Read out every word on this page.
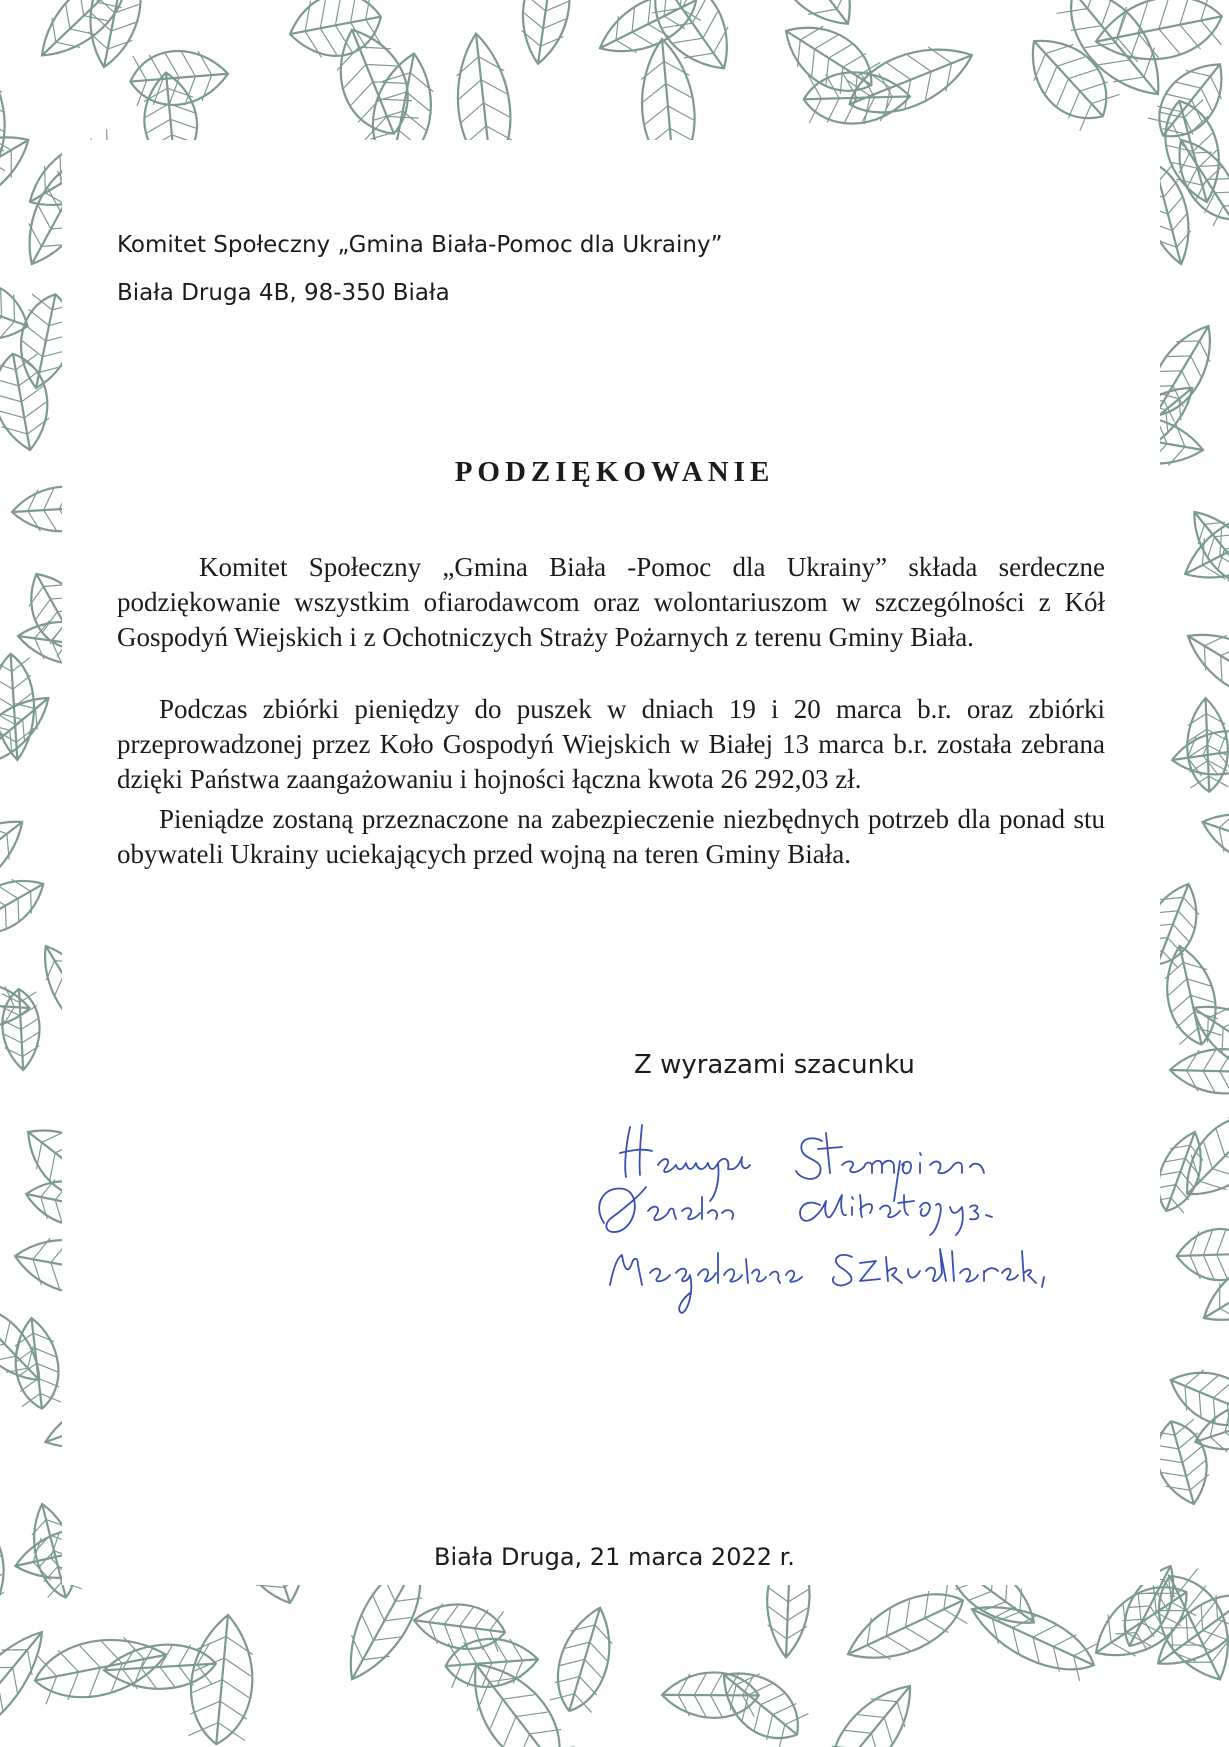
Komitet Społeczny „Gmina Biała-Pomoc dla Ukrainy”
Biała Druga 4B, 98-350 Biała
PODZIĘKOWANIE
Komitet Społeczny „Gmina Biała -Pomoc dla Ukrainy” składa serdeczne podziękowanie wszystkim ofiarodawcom oraz wolontariuszom w szczególności z Kół Gospodyń Wiejskich i z Ochotniczych Straży Pożarnych z terenu Gminy Biała.
Podczas zbiórki pieniędzy do puszek w dniach 19 i 20 marca b.r. oraz zbiórki przeprowadzonej przez Koło Gospodyń Wiejskich w Białej 13 marca b.r. została zebrana dzięki Państwa zaangażowaniu i hojności łączna kwota 26 292,03 zł.
Pieniądze zostaną przeznaczone na zabezpieczenie niezbędnych potrzeb dla ponad stu obywateli Ukrainy uciekających przed wojną na teren Gminy Biała.
Z wyrazami szacunku
Biała Druga, 21 marca 2022 r.
